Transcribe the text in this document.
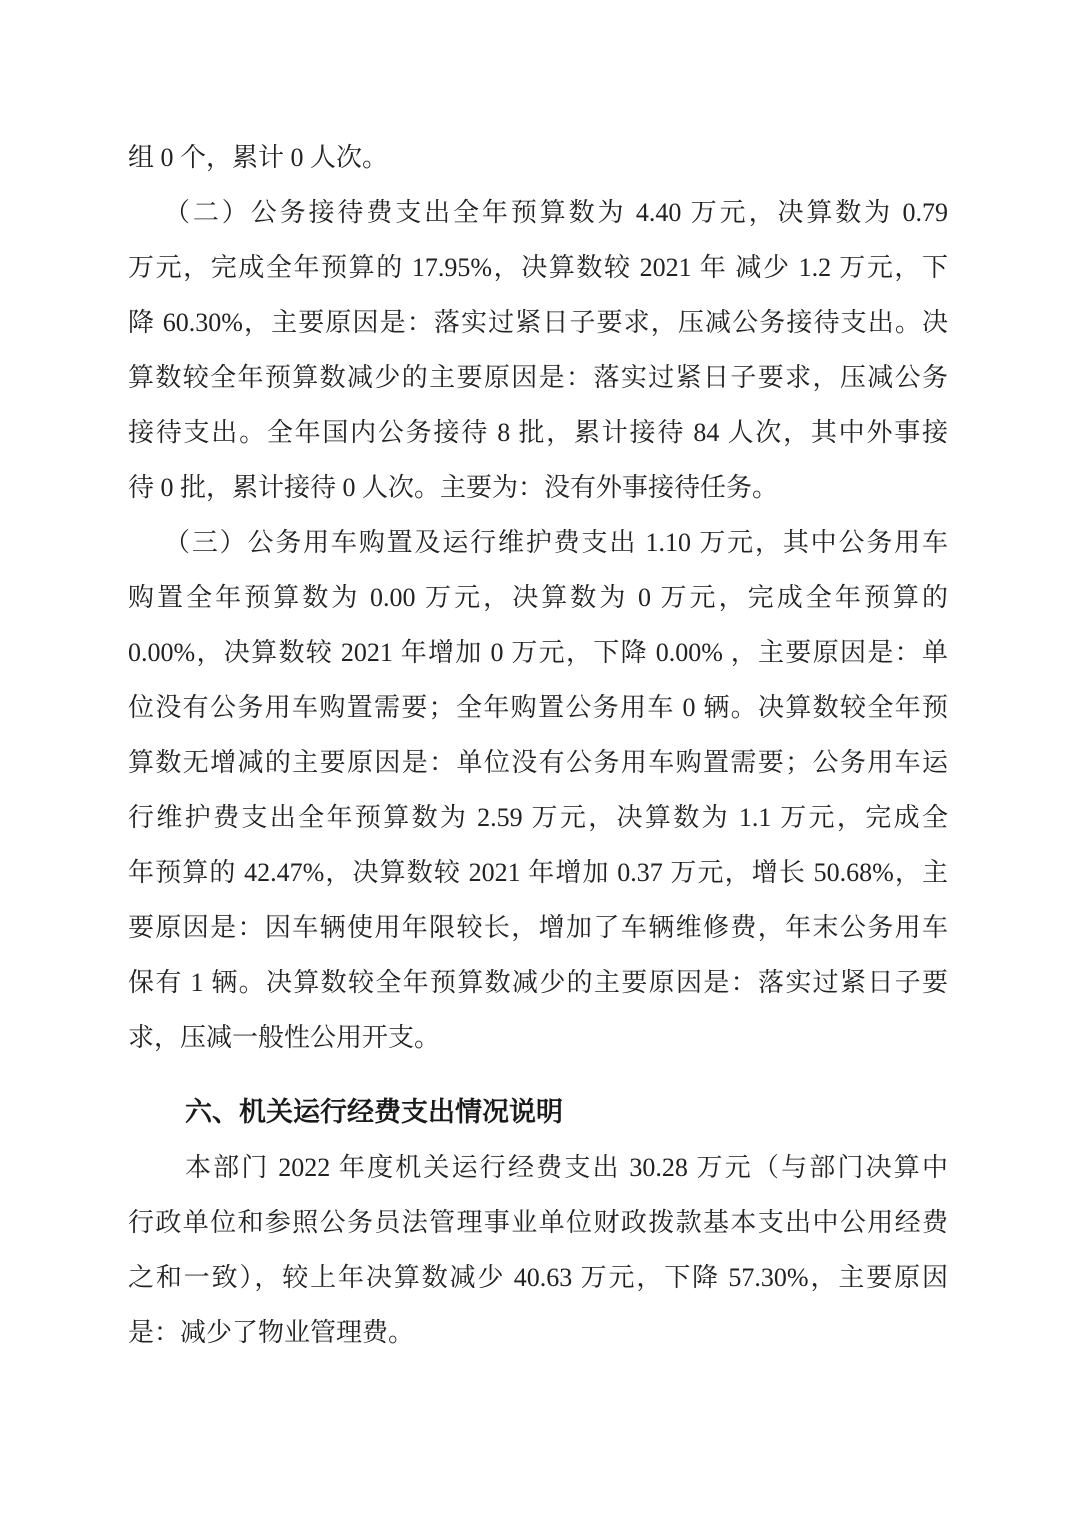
组 0 个，累计 0 人次。
（二）公务接待费支出全年预算数为 4.40 万元，决算数为 0.79
万元，完成全年预算的 17.95%，决算数较 2021 年 减少 1.2 万元，下
降 60.30%，主要原因是：落实过紧日子要求，压减公务接待支出。决
算数较全年预算数减少的主要原因是：落实过紧日子要求，压减公务
接待支出。全年国内公务接待 8 批，累计接待 84 人次，其中外事接
待 0 批，累计接待 0 人次。主要为：没有外事接待任务。
（三）公务用车购置及运行维护费支出 1.10 万元，其中公务用车
购置全年预算数为 0.00 万元，决算数为 0 万元，完成全年预算的
0.00%，决算数较 2021 年增加 0 万元，下降 0.00% ，主要原因是：单
位没有公务用车购置需要；全年购置公务用车 0 辆。决算数较全年预
算数无增减的主要原因是：单位没有公务用车购置需要；公务用车运
行维护费支出全年预算数为 2.59 万元，决算数为 1.1 万元，完成全
年预算的 42.47%，决算数较 2021 年增加 0.37 万元，增长 50.68%，主
要原因是：因车辆使用年限较长，增加了车辆维修费，年末公务用车
保有 1 辆。决算数较全年预算数减少的主要原因是：落实过紧日子要
求，压减一般性公用开支。
六、机关运行经费支出情况说明
本部门 2022 年度机关运行经费支出 30.28 万元（与部门决算中
行政单位和参照公务员法管理事业单位财政拨款基本支出中公用经费
之和一致），较上年决算数减少 40.63 万元，下降 57.30%，主要原因
是：减少了物业管理费。
